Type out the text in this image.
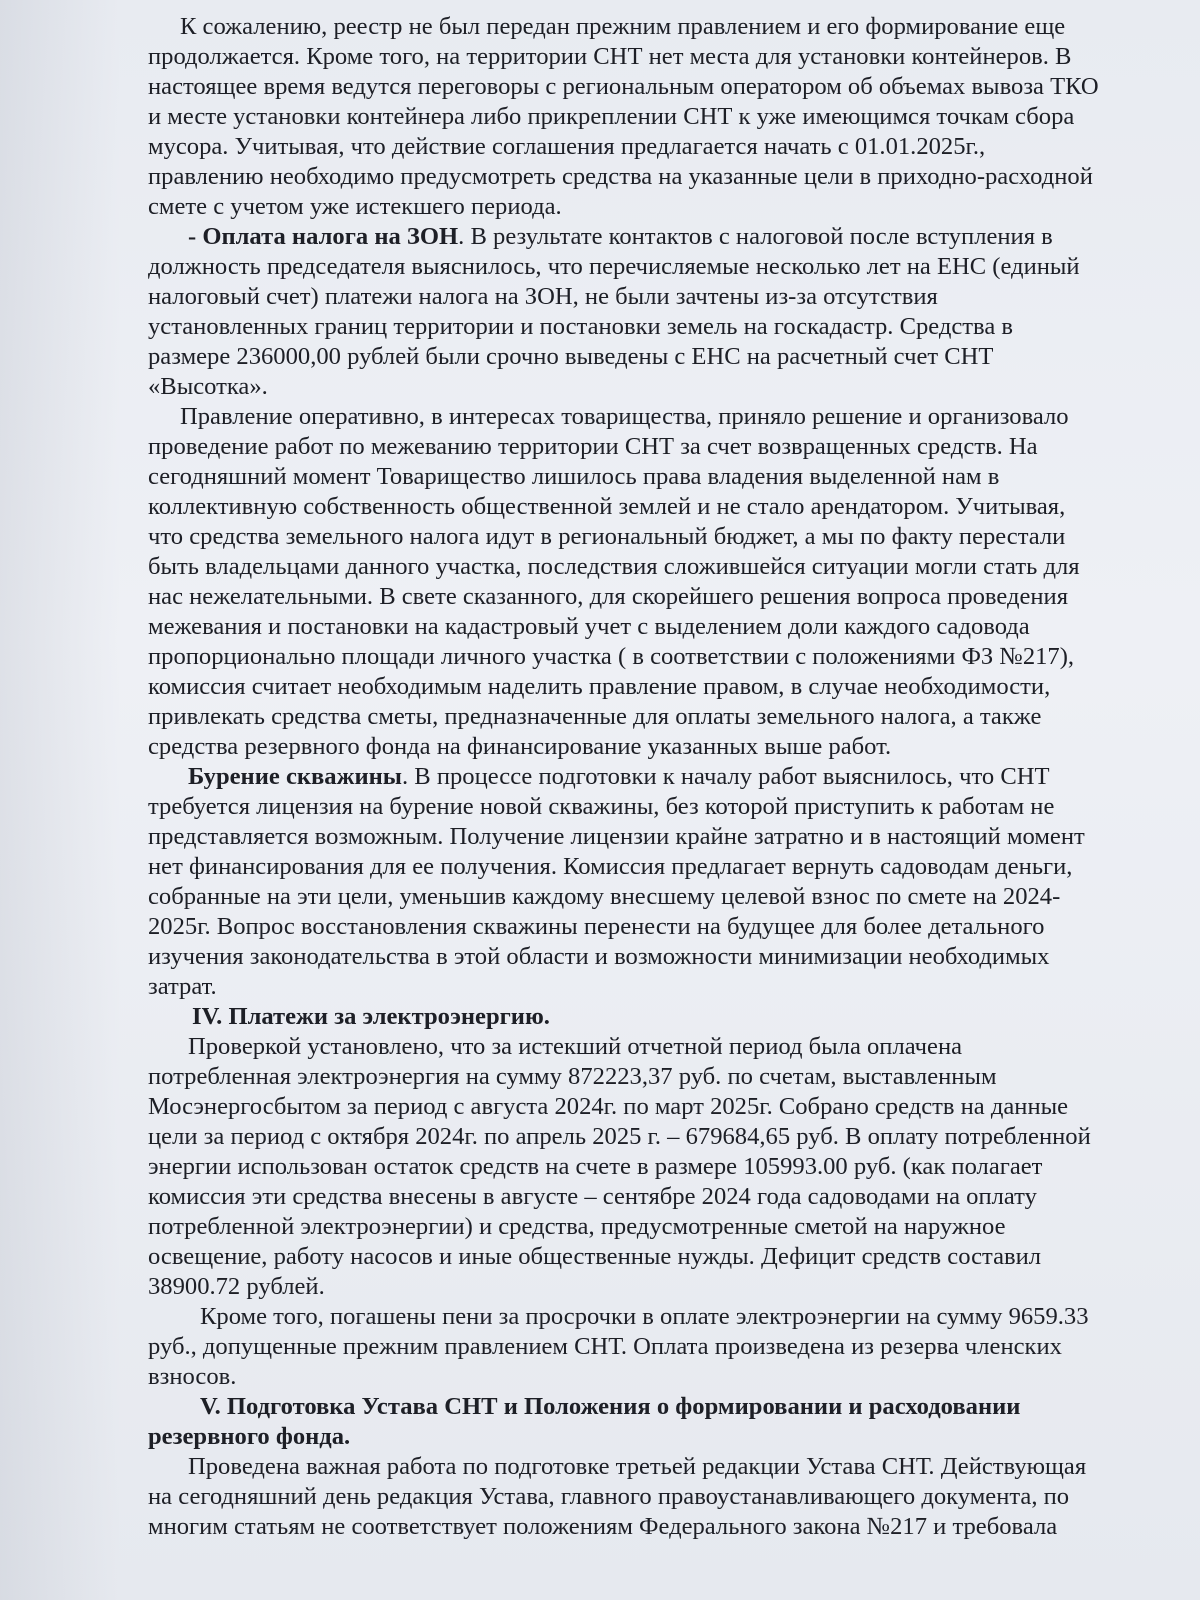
К сожалению, реестр не был передан прежним правлением и его формирование еще
продолжается. Кроме того, на территории СНТ нет места для установки контейнеров. В
настоящее время ведутся переговоры с региональным оператором об объемах вывоза ТКО
и месте установки контейнера либо прикреплении СНТ к уже имеющимся точкам сбора
мусора. Учитывая, что действие соглашения предлагается начать с 01.01.2025г.,
правлению необходимо предусмотреть средства на указанные цели в приходно-расходной
смете с учетом уже истекшего периода.
- Оплата налога на ЗОН. В результате контактов с налоговой после вступления в
должность председателя выяснилось, что перечисляемые несколько лет на ЕНС (единый
налоговый счет) платежи налога на ЗОН, не были зачтены из-за отсутствия
установленных границ территории и постановки земель на госкадастр. Средства в
размере 236000,00 рублей были срочно выведены с ЕНС на расчетный счет СНТ
«Высотка».
Правление оперативно, в интересах товарищества, приняло решение и организовало
проведение работ по межеванию территории СНТ за счет возвращенных средств. На
сегодняшний момент Товарищество лишилось права владения выделенной нам в
коллективную собственность общественной землей и не стало арендатором. Учитывая,
что средства земельного налога идут в региональный бюджет, а мы по факту перестали
быть владельцами данного участка, последствия сложившейся ситуации могли стать для
нас нежелательными. В свете сказанного, для скорейшего решения вопроса проведения
межевания и постановки на кадастровый учет с выделением доли каждого садовода
пропорционально площади личного участка ( в соответствии с положениями ФЗ №217),
комиссия считает необходимым наделить правление правом, в случае необходимости,
привлекать средства сметы, предназначенные для оплаты земельного налога, а также
средства резервного фонда на финансирование указанных выше работ.
Бурение скважины. В процессе подготовки к началу работ выяснилось, что СНТ
требуется лицензия на бурение новой скважины, без которой приступить к работам не
представляется возможным. Получение лицензии крайне затратно и в настоящий момент
нет финансирования для ее получения. Комиссия предлагает вернуть садоводам деньги,
собранные на эти цели, уменьшив каждому внесшему целевой взнос по смете на 2024-
2025г. Вопрос восстановления скважины перенести на будущее для более детального
изучения законодательства в этой области и возможности минимизации необходимых
затрат.
IV. Платежи за электроэнергию.
Проверкой установлено, что за истекший отчетной период была оплачена
потребленная электроэнергия на сумму 872223,37 руб. по счетам, выставленным
Мосэнергосбытом за период с августа 2024г. по март 2025г. Собрано средств на данные
цели за период с октября 2024г. по апрель 2025 г. – 679684,65 руб. В оплату потребленной
энергии использован остаток средств на счете в размере 105993.00 руб. (как полагает
комиссия эти средства внесены в августе – сентябре 2024 года садоводами на оплату
потребленной электроэнергии) и средства, предусмотренные сметой на наружное
освещение, работу насосов и иные общественные нужды. Дефицит средств составил
38900.72 рублей.
Кроме того, погашены пени за просрочки в оплате электроэнергии на сумму 9659.33
руб., допущенные прежним правлением СНТ. Оплата произведена из резерва членских
взносов.
V. Подготовка Устава СНТ и Положения о формировании и расходовании
резервного фонда.
Проведена важная работа по подготовке третьей редакции Устава СНТ. Действующая
на сегодняшний день редакция Устава, главного правоустанавливающего документа, по
многим статьям не соответствует положениям Федерального закона №217 и требовала
